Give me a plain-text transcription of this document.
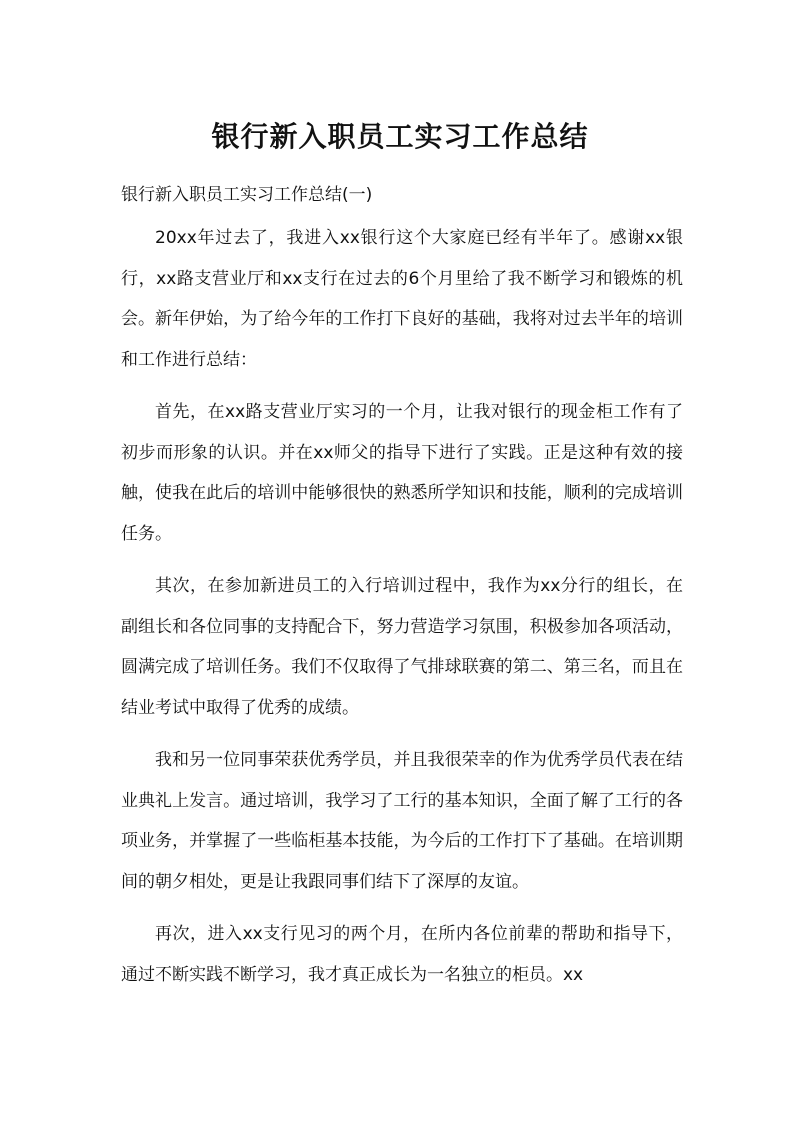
银行新入职员工实习工作总结
银行新入职员工实习工作总结(一)

20xx年过去了，我进入xx银行这个大家庭已经有半年了。感谢xx银行，xx路支营业厅和xx支行在过去的6个月里给了我不断学习和锻炼的机会。新年伊始，为了给今年的工作打下良好的基础，我将对过去半年的培训和工作进行总结：

首先，在xx路支营业厅实习的一个月，让我对银行的现金柜工作有了初步而形象的认识。并在xx师父的指导下进行了实践。正是这种有效的接触，使我在此后的培训中能够很快的熟悉所学知识和技能，顺利的完成培训任务。

其次，在参加新进员工的入行培训过程中，我作为xx分行的组长，在副组长和各位同事的支持配合下，努力营造学习氛围，积极参加各项活动，圆满完成了培训任务。我们不仅取得了气排球联赛的第二、第三名，而且在结业考试中取得了优秀的成绩。

我和另一位同事荣获优秀学员，并且我很荣幸的作为优秀学员代表在结业典礼上发言。通过培训，我学习了工行的基本知识，全面了解了工行的各项业务，并掌握了一些临柜基本技能，为今后的工作打下了基础。在培训期间的朝夕相处，更是让我跟同事们结下了深厚的友谊。

再次，进入xx支行见习的两个月，在所内各位前辈的帮助和指导下，通过不断实践不断学习，我才真正成长为一名独立的柜员。xx
